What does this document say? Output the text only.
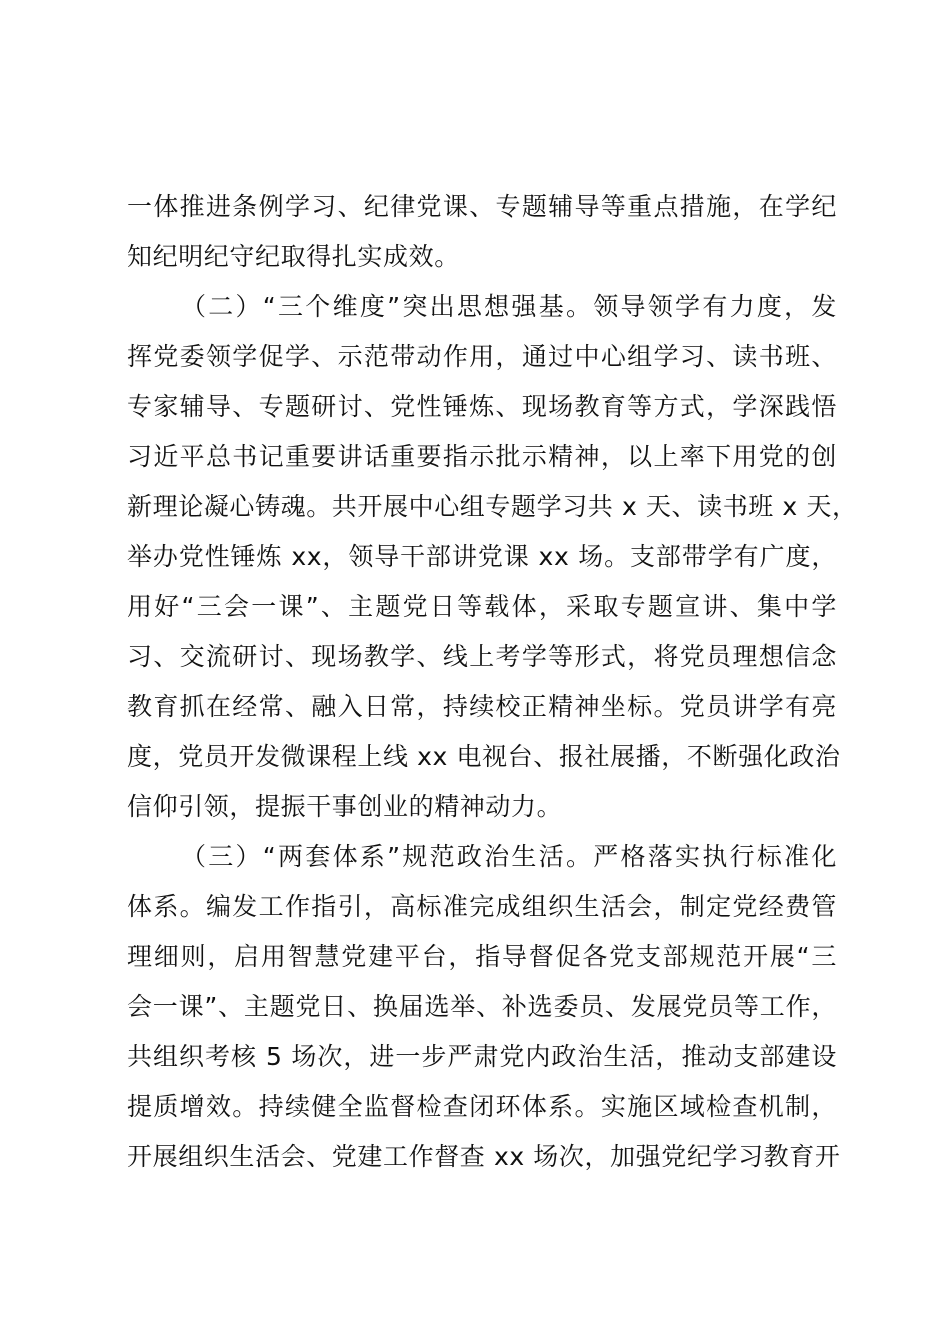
一体推进条例学习、纪律党课、专题辅导等重点措施，在学纪
知纪明纪守纪取得扎实成效。
（二）“三个维度”突出思想强基。领导领学有力度，发
挥党委领学促学、示范带动作用，通过中心组学习、读书班、
专家辅导、专题研讨、党性锤炼、现场教育等方式，学深践悟
习近平总书记重要讲话重要指示批示精神，以上率下用党的创
新理论凝心铸魂。共开展中心组专题学习共 x 天、读书班 x 天，
举办党性锤炼 xx，领导干部讲党课 xx 场。支部带学有广度，
用好“三会一课”、主题党日等载体，采取专题宣讲、集中学
习、交流研讨、现场教学、线上考学等形式，将党员理想信念
教育抓在经常、融入日常，持续校正精神坐标。党员讲学有亮
度，党员开发微课程上线 xx 电视台、报社展播，不断强化政治
信仰引领，提振干事创业的精神动力。
（三）“两套体系”规范政治生活。严格落实执行标准化
体系。编发工作指引，高标准完成组织生活会，制定党经费管
理细则，启用智慧党建平台，指导督促各党支部规范开展“三
会一课”、主题党日、换届选举、补选委员、发展党员等工作，
共组织考核 5 场次，进一步严肃党内政治生活，推动支部建设
提质增效。持续健全监督检查闭环体系。实施区域检查机制，
开展组织生活会、党建工作督查 xx 场次，加强党纪学习教育开
